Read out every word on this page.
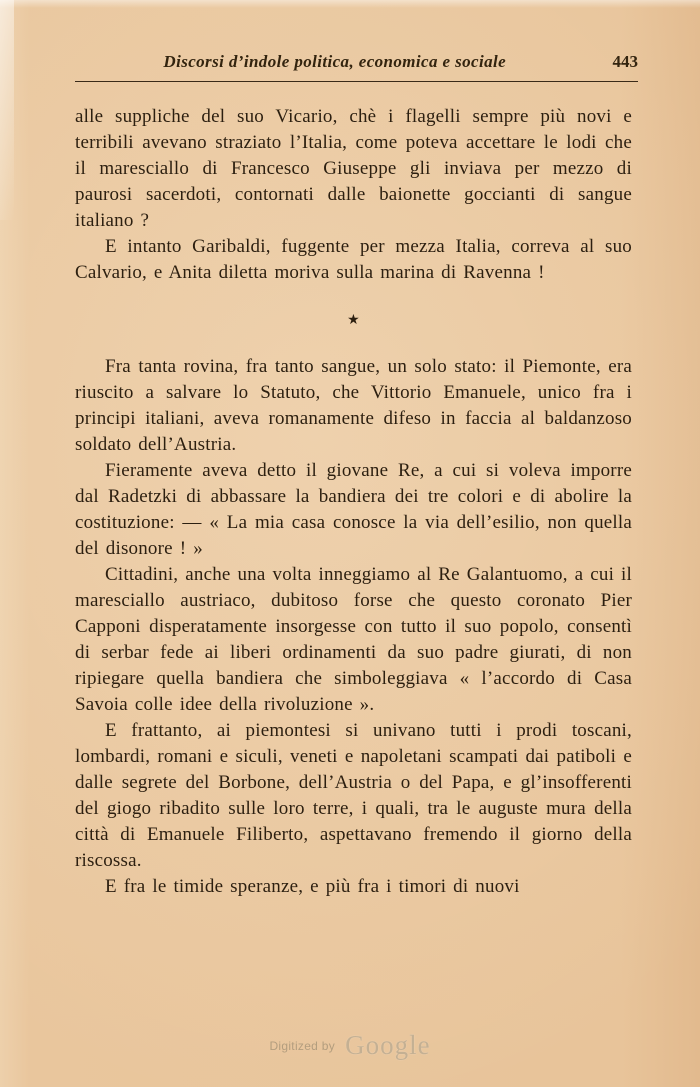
Discorsi d’indole politica, economica e sociale	443

alle suppliche del suo Vicario, chè i flagelli sempre più novi e terribili avevano straziato l’Italia, come poteva accettare le lodi che il maresciallo di Francesco Giuseppe gli inviava per mezzo di paurosi sacerdoti, contornati dalle baionette goccianti di sangue italiano ?

E intanto Garibaldi, fuggente per mezza Italia, correva al suo Calvario, e Anita diletta moriva sulla marina di Ravenna !

★

Fra tanta rovina, fra tanto sangue, un solo stato: il Piemonte, era riuscito a salvare lo Statuto, che Vittorio Emanuele, unico fra i principi italiani, aveva romanamente difeso in faccia al baldanzoso soldato dell’Austria.

Fieramente aveva detto il giovane Re, a cui si voleva imporre dal Radetzki di abbassare la bandiera dei tre colori e di abolire la costituzione: — « La mia casa conosce la via dell’esilio, non quella del disonore ! »

Cittadini, anche una volta inneggiamo al Re Galantuomo, a cui il maresciallo austriaco, dubitoso forse che questo coronato Pier Capponi disperatamente insorgesse con tutto il suo popolo, consentì di serbar fede ai liberi ordinamenti da suo padre giurati, di non ripiegare quella bandiera che simboleggiava « l’accordo di Casa Savoia colle idee della rivoluzione ».

E frattanto, ai piemontesi si univano tutti i prodi toscani, lombardi, romani e siculi, veneti e napoletani scampati dai patiboli e dalle segrete del Borbone, dell’Austria o del Papa, e gl’insofferenti del giogo ribadito sulle loro terre, i quali, tra le auguste mura della città di Emanuele Filiberto, aspettavano fremendo il giorno della riscossa.

E fra le timide speranze, e più fra i timori di nuovi

$^{Digitized by}$ Google
